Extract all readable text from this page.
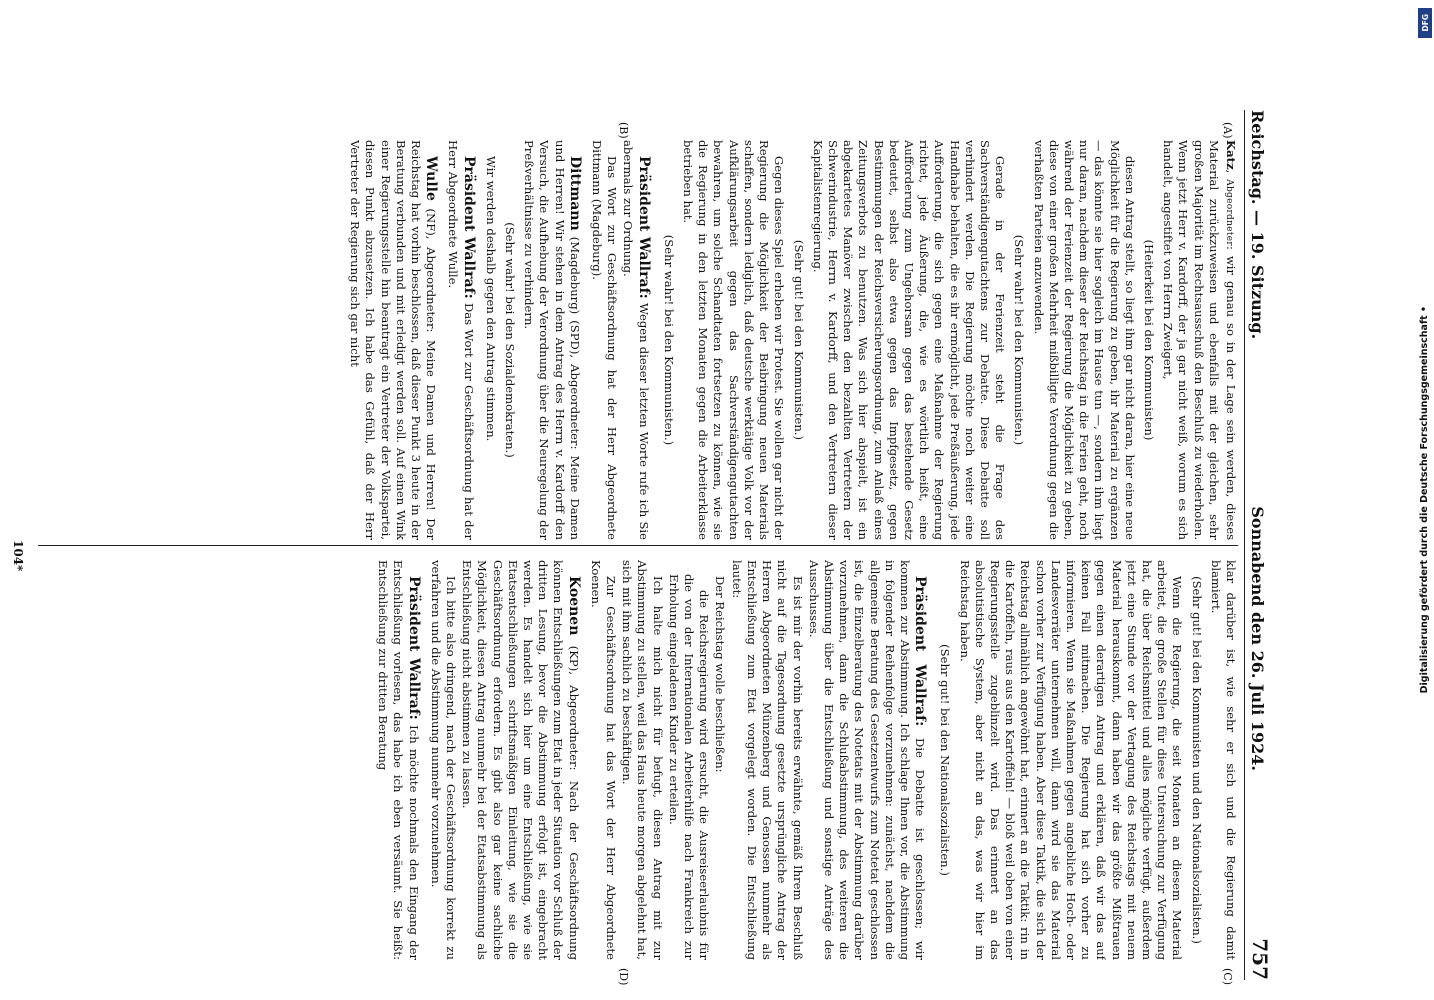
Reichstag. — 19. Sitzung.
Sonnabend den 26. Juli 1924.
757
(A)
(B)
(C)
(D)

Katz, Abgeordneter: wir genau so in der Lage sein werden, dieses Material zurückzuweisen und ebenfalls mit der gleichen, sehr großen Majorität im Rechtsausschuß den Beschluß zu wiederholen. Wenn jetzt Herr v. Kardorff, der ja gar nicht weiß, worum es sich handelt, angestiftet von Herrn Zweigert,

(Heiterkeit bei den Kommunisten)

diesen Antrag stellt, so liegt ihm gar nicht daran, hier eine neue Möglichkeit für die Regierung zu geben, ihr Material zu ergänzen — das könnte sie hier sogleich im Hause tun —, sondern ihm liegt nur daran, nachdem dieser der Reichstag in die Ferien geht, noch während der Ferienzeit der Regierung die Möglichkeit zu geben, diese von einer großen Mehrheit mißbilligte Verordnung gegen die verhaßten Parteien anzuwenden.

(Sehr wahr! bei den Kommunisten.)

Gerade in der Ferienzeit steht die Frage des Sachverständigengutachtens zur Debatte. Diese Debatte soll verhindert werden. Die Regierung möchte noch weiter eine Handhabe behalten, die es ihr ermöglicht, jede Preßäußerung, jede Aufforderung, die sich gegen eine Maßnahme der Regierung richtet, jede Äußerung, die, wie es wörtlich heißt, eine Aufforderung zum Ungehorsam gegen das bestehende Gesetz bedeutet, selbst also etwa gegen das Impfgesetz, gegen Bestimmungen der Reichsversicherungsordnung, zum Anlaß eines Zeitungsverbots zu benutzen. Was sich hier abspielt, ist ein abgekartetes Manöver zwischen den bezahlten Vertretern der Schwerindustrie, Herrn v. Kardorff, und den Vertretern dieser Kapitalistenregierung.

(Sehr gut! bei den Kommunisten.)

Gegen dieses Spiel erheben wir Protest. Sie wollen gar nicht der Regierung die Möglichkeit der Beibringung neuen Materials schaffen, sondern lediglich, daß deutsche werktätige Volk vor der Aufklärungsarbeit gegen das Sachverständigengutachten bewahren, um solche Schandtaten fortsetzen zu können, wie sie die Regierung in den letzten Monaten gegen die Arbeiterklasse betrieben hat.

(Sehr wahr! bei den Kommunisten.)

Präsident Wallraf: Wegen dieser letzten Worte rufe ich Sie abermals zur Ordnung.

Das Wort zur Geschäftsordnung hat der Herr Abgeordnete Dittmann (Magdeburg).

Dittmann (Magdeburg) (SPD), Abgeordneter: Meine Damen und Herren! Wir stehen in dem Antrag des Herrn v. Kardorff den Versuch, die Aufhebung der Verordnung über die Neuregelung der Preßverhältnisse zu verhindern.

(Sehr wahr! bei den Sozialdemokraten.)

Wir werden deshalb gegen den Antrag stimmen.

Präsident Wallraf: Das Wort zur Geschäftsordnung hat der Herr Abgeordnete Wulle.

Wulle (NF), Abgeordneter: Meine Damen und Herren! Der Reichstag hat vorhin beschlossen, daß dieser Punkt 3 heute in der Beratung verbunden und mit erledigt werden soll. Auf einen Wink einer Regierungsstelle hin beantragt ein Vertreter der Volkspartei, diesen Punkt abzusetzen. Ich habe das Gefühl, daß der Herr Vertreter der Regierung sich gar nicht

klar darüber ist, wie sehr er sich und die Regierung damit blamiert.

(Sehr gut! bei den Kommunisten und den Nationalsozialisten.)

Wenn die Regierung, die seit Monaten an diesem Material arbeitet, die große Stellen für diese Untersuchung zur Verfügung hat, die über Reichsmittel und alles mögliche verfügt, außerdem jetzt eine Stunde vor der Vertagung des Reichstags mit neuem Material herauskommt, dann haben wir das größte Mißtrauen gegen einen derartigen Antrag und erklären, daß wir das auf keinen Fall mitmachen. Die Regierung hat sich vorher zu informieren. Wenn sie Maßnahmen gegen angebliche Hoch- oder Landesverräter unternehmen will, dann wird sie das Material schon vorher zur Verfügung haben. Aber diese Taktik, die sich der Reichstag allmählich angewöhnt hat, erinnert an die Taktik: rin in die Kartoffeln, raus aus den Kartoffeln! — bloß weil oben von einer Regierungsstelle zugeblinzelt wird. Das erinnert an das absolutistische System, aber nicht an das, was wir hier im Reichstag haben.

(Sehr gut! bei den Nationalsozialisten.)

Präsident Wallraf: Die Debatte ist geschlossen; wir kommen zur Abstimmung. Ich schlage Ihnen vor, die Abstimmung in folgender Reihenfolge vorzunehmen: zunächst, nachdem die allgemeine Beratung des Gesetzentwurfs zum Notetat geschlossen ist, die Einzelberatung des Notetats mit der Abstimmung darüber vorzunehmen, dann die Schlußabstimmung, des weiteren die Abstimmung über die Entschließung und sonstige Anträge des Ausschusses.

Es ist mir der vorhin bereits erwähnte, gemäß Ihrem Beschluß nicht auf die Tagesordnung gesetzte ursprüngliche Antrag der Herren Abgeordneten Münzenberg und Genossen nunmehr als Entschließung zum Etat vorgelegt worden. Die Entschließung lautet:

Der Reichstag wolle beschließen:

die Reichsregierung wird ersucht, die Ausreiseerlaubnis für die von der Internationalen Arbeiterhilfe nach Frankreich zur Erholung eingeladenen Kinder zu erteilen.

Ich halte mich nicht für befugt, diesen Antrag mit zur Abstimmung zu stellen, weil das Haus heute morgen abgelehnt hat, sich mit ihm sachlich zu beschäftigen.

Zur Geschäftsordnung hat das Wort der Herr Abgeordnete Koenen.

Koenen (KP), Abgeordneter: Nach der Geschäftsordnung können Entschließungen zum Etat in jeder Situation vor Schluß der dritten Lesung, bevor die Abstimmung erfolgt ist, eingebracht werden. Es handelt sich hier um eine Entschließung, wie sie Etatsentschließungen schriftsmäßigen Einleitung, wie sie die Geschäftsordnung erfordern. Es gibt also gar keine sachliche Möglichkeit, diesen Antrag nunmehr bei der Etatsabstimmung als Entschließung nicht abstimmen zu lassen.

Ich bitte also dringend, nach der Geschäftsordnung korrekt zu verfahren und die Abstimmung nunmehr vorzunehmen.

Präsident Wallraf: Ich möchte nochmals den Eingang der Entschließung vorlesen, das habe ich eben versäumt. Sie heißt: Entschließung zur dritten Beratung

104*	Digitalisierung gefördert durch die Deutsche Forschungsgemeinschaft •
DFG
